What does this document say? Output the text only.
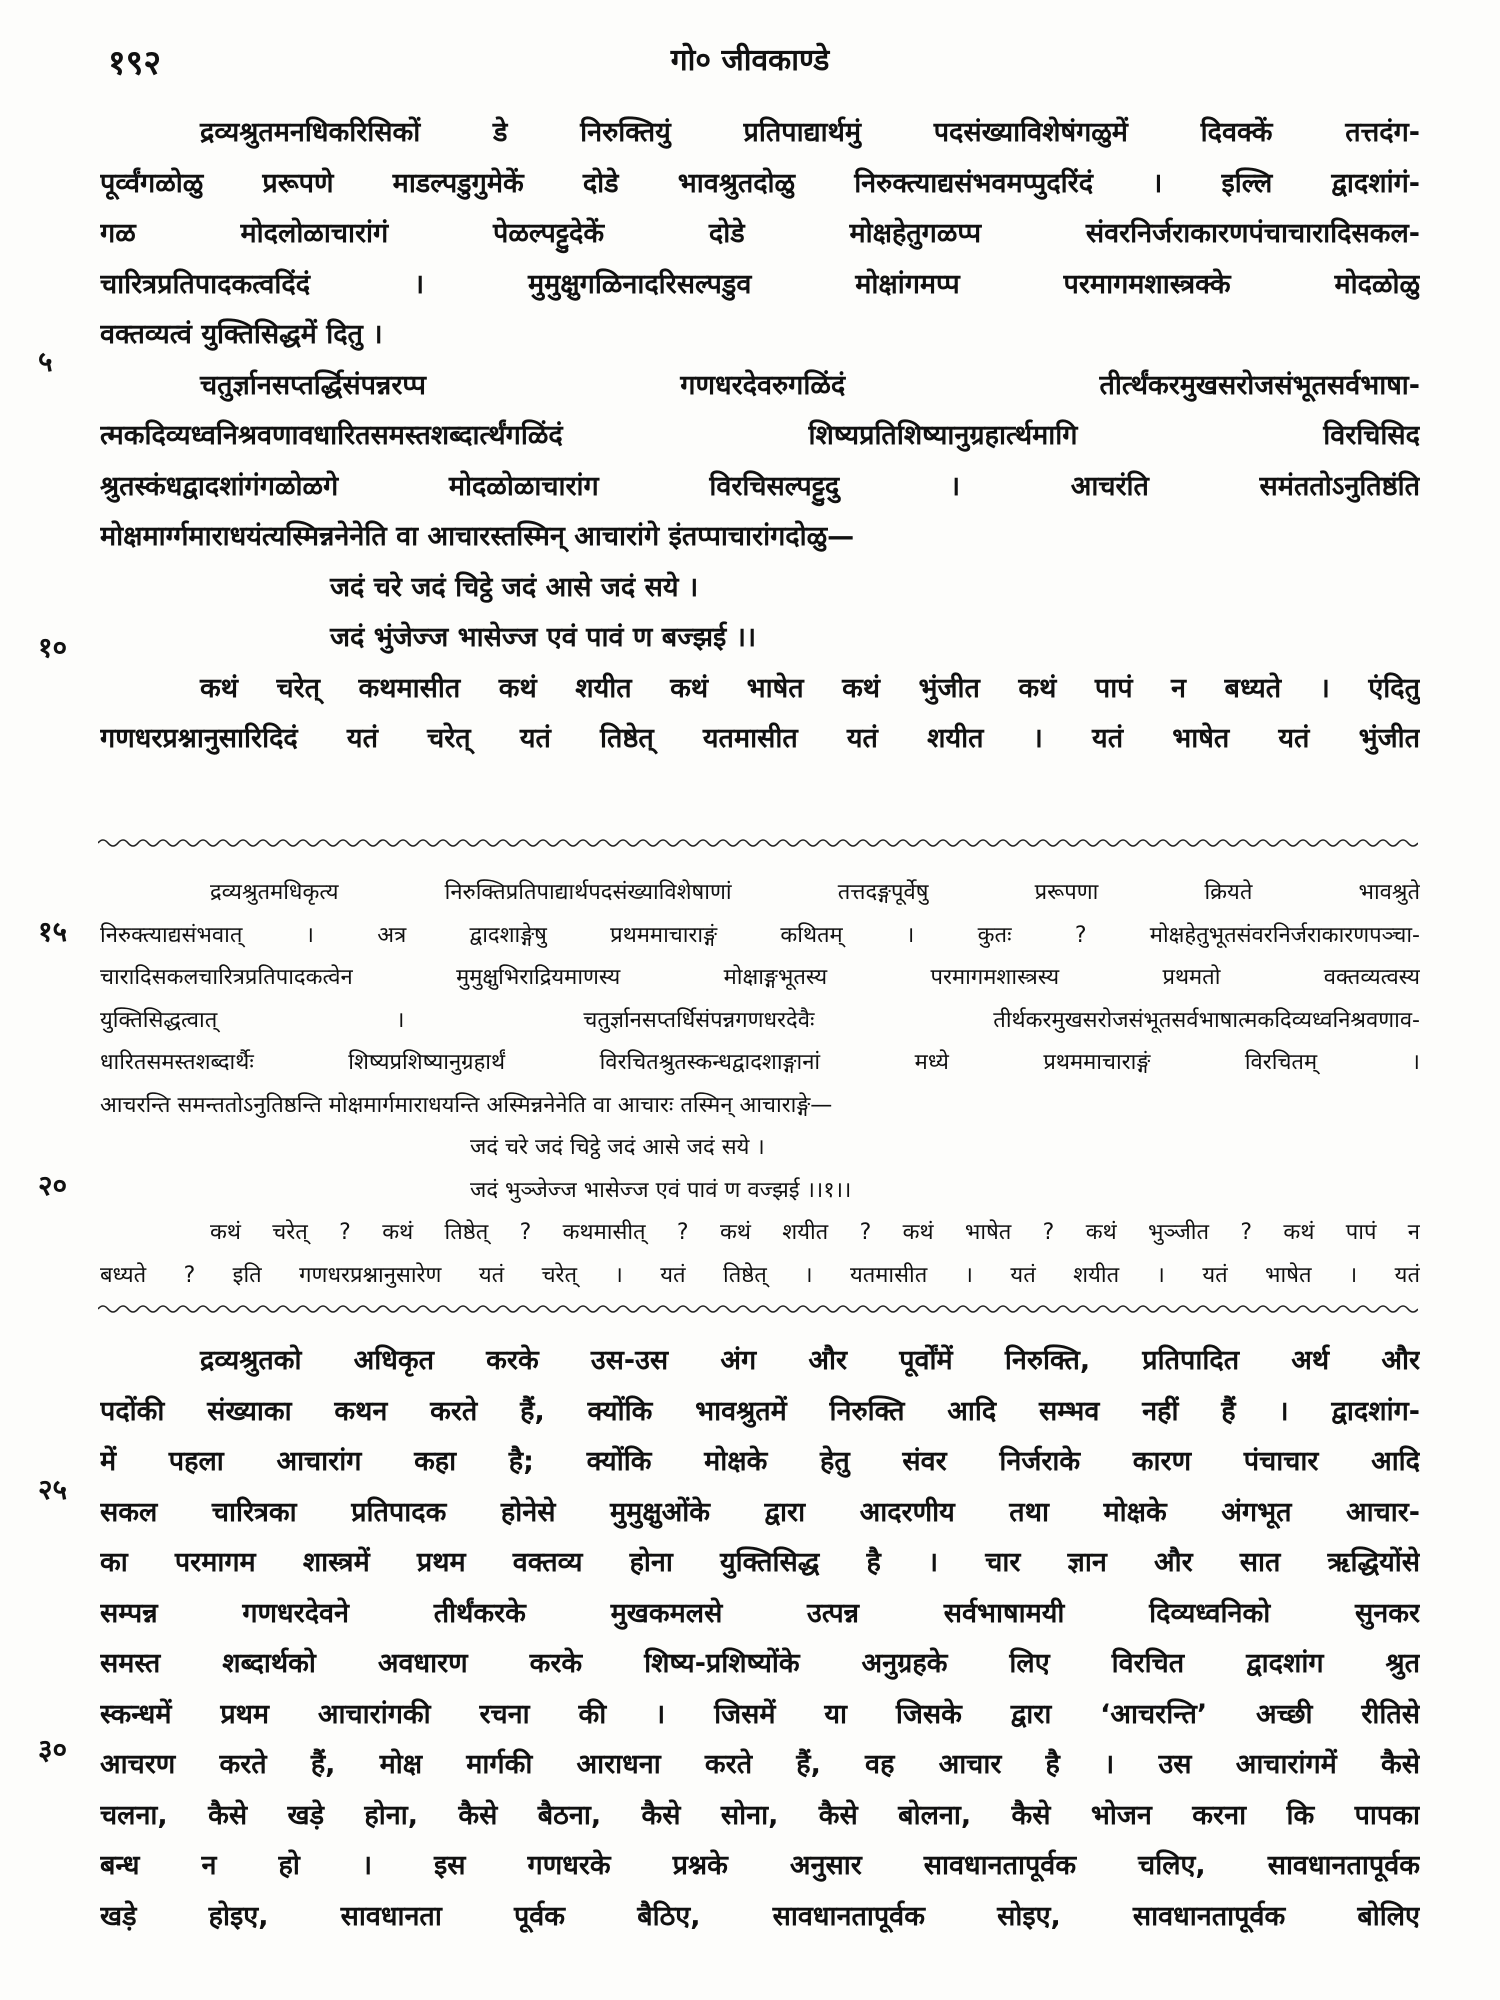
१९२	गो० जीवकाण्डे
५
१०
१५
२०
२५
३०
द्रव्यश्रुतमनधिकरिसिकों डे निरुक्तियुं प्रतिपाद्यार्थमुं पदसंख्याविशेषंगळुमें दिवक्कें तत्तदंग-
पूर्व्वंगळोळु प्ररूपणे माडल्पडुगुमेकें दोडे भावश्रुतदोळु निरुक्त्याद्यसंभवमप्पुदरिंदं । इल्लि द्वादशांगं-
गळ मोदलोळाचारांगं पेळल्पट्टुदेकें दोडे मोक्षहेतुगळप्प संवरनिर्जराकारणपंचाचारादिसकल-
चारित्रप्रतिपादकत्वदिंदं । मुमुक्षुगळिनादरिसल्पडुव मोक्षांगमप्प परमागमशास्त्रक्के मोदळोळु
वक्तव्यत्वं युक्तिसिद्धमें दितु ।
चतुर्ज्ञानसप्तर्द्धिसंपन्नरप्प गणधरदेवरुगळिंदं तीर्त्थंकरमुखसरोजसंभूतसर्वभाषा-
त्मकदिव्यध्वनिश्रवणावधारितसमस्तशब्दार्त्थंगळिंदं शिष्यप्रतिशिष्यानुग्रहार्त्थमागि विरचिसिद
श्रुतस्कंधद्वादशांगंगळोळगे मोदळोळाचारांग विरचिसल्पट्टुदु । आचरंति समंततोऽनुतिष्ठंति
मोक्षमार्ग्गमाराधयंत्यस्मिन्ननेनेति वा आचारस्तस्मिन् आचारांगे इंतप्पाचारांगदोळु—
जदं चरे जदं चिट्ठे जदं आसे जदं सये ।
जदं भुंजेज्ज भासेज्ज एवं पावं ण बज्झई ।।
कथं चरेत् कथमासीत कथं शयीत कथं भाषेत कथं भुंजीत कथं पापं न बध्यते । एंदितु
गणधरप्रश्नानुसारिदिदं यतं चरेत् यतं तिष्ठेत् यतमासीत यतं शयीत । यतं भाषेत यतं भुंजीत
द्रव्यश्रुतमधिकृत्य निरुक्तिप्रतिपाद्यार्थपदसंख्याविशेषाणां तत्तदङ्गपूर्वेषु प्ररूपणा क्रियते भावश्रुते
निरुक्त्याद्यसंभवात् । अत्र द्वादशाङ्गेषु प्रथममाचाराङ्गं कथितम् । कुतः ? मोक्षहेतुभूतसंवरनिर्जराकारणपञ्चा-
चारादिसकलचारित्रप्रतिपादकत्वेन मुमुक्षुभिराद्रियमाणस्य मोक्षाङ्गभूतस्य परमागमशास्त्रस्य प्रथमतो वक्तव्यत्वस्य
युक्तिसिद्धत्वात् । चतुर्ज्ञानसप्तर्धिसंपन्नगणधरदेवैः तीर्थकरमुखसरोजसंभूतसर्वभाषात्मकदिव्यध्वनिश्रवणाव-
धारितसमस्तशब्दार्थैः शिष्यप्रशिष्यानुग्रहार्थं विरचितश्रुतस्कन्धद्वादशाङ्गानां मध्ये प्रथममाचाराङ्गं विरचितम् ।
आचरन्ति समन्ततोऽनुतिष्ठन्ति मोक्षमार्गमाराधयन्ति अस्मिन्ननेनेति वा आचारः तस्मिन् आचाराङ्गे—
जदं चरे जदं चिट्ठे जदं आसे जदं सये ।
जदं भुञ्जेज्ज भासेज्ज एवं पावं ण वज्झई ।।१।।
कथं चरेत् ? कथं तिष्ठेत् ? कथमासीत् ? कथं शयीत ? कथं भाषेत ? कथं भुञ्जीत ? कथं पापं न
बध्यते ? इति गणधरप्रश्नानुसारेण यतं चरेत् । यतं तिष्ठेत् । यतमासीत । यतं शयीत । यतं भाषेत । यतं
द्रव्यश्रुतको अधिकृत करके उस-उस अंग और पूर्वोंमें निरुक्ति, प्रतिपादित अर्थ और
पदोंकी संख्याका कथन करते हैं, क्योंकि भावश्रुतमें निरुक्ति आदि सम्भव नहीं हैं । द्वादशांग-
में पहला आचारांग कहा है; क्योंकि मोक्षके हेतु संवर निर्जराके कारण पंचाचार आदि
सकल चारित्रका प्रतिपादक होनेसे मुमुक्षुओंके द्वारा आदरणीय तथा मोक्षके अंगभूत आचार-
का परमागम शास्त्रमें प्रथम वक्तव्य होना युक्तिसिद्ध है । चार ज्ञान और सात ऋद्धियोंसे
सम्पन्न गणधरदेवने तीर्थंकरके मुखकमलसे उत्पन्न सर्वभाषामयी दिव्यध्वनिको सुनकर
समस्त शब्दार्थको अवधारण करके शिष्य-प्रशिष्योंके अनुग्रहके लिए विरचित द्वादशांग श्रुत
स्कन्धमें प्रथम आचारांगकी रचना की । जिसमें या जिसके द्वारा ‘आचरन्ति’ अच्छी रीतिसे
आचरण करते हैं, मोक्ष मार्गकी आराधना करते हैं, वह आचार है । उस आचारांगमें कैसे
चलना, कैसे खड़े होना, कैसे बैठना, कैसे सोना, कैसे बोलना, कैसे भोजन करना कि पापका
बन्ध न हो । इस गणधरके प्रश्नके अनुसार सावधानतापूर्वक चलिए, सावधानतापूर्वक
खड़े होइए, सावधानता पूर्वक बैठिए, सावधानतापूर्वक सोइए, सावधानतापूर्वक बोलिए
